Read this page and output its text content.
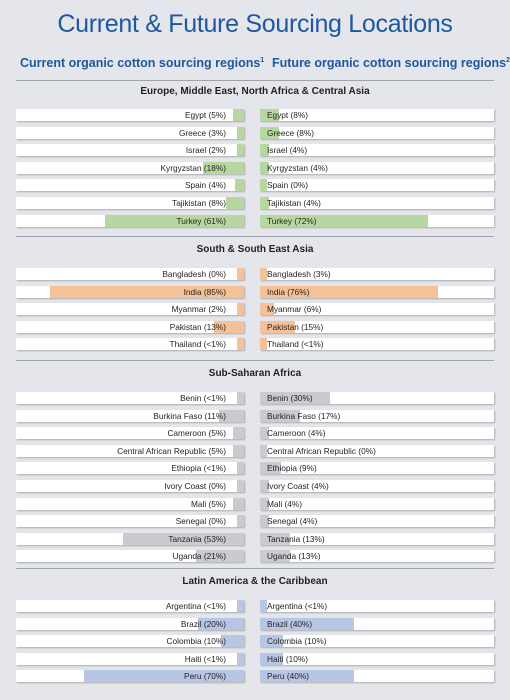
Current & Future Sourcing Locations
Current organic cotton sourcing regions$^1$ Future organic cotton sourcing regions$^2$
Europe, Middle East, North Africa & Central Asia
Egypt (5%)	Egypt (8%)
Greece (3%)	Greece (8%)
Israel (2%)	Israel (4%)
Kyrgyzstan (18%)	Kyrgyzstan (4%)
Spain (4%)	Spain (0%)
Tajikistan (8%)	Tajikistan (4%)
Turkey (61%)	Turkey (72%)
South & South East Asia
Bangladesh (0%)	Bangladesh (3%)
India (85%)	India (76%)
Myanmar (2%)	Myanmar (6%)
Pakistan (13%)	Pakistan (15%)
Thailand (<1%)	Thailand (<1%)
Sub-Saharan Africa
Benin (<1%)	Benin (30%)
Burkina Faso (11%)	Burkina Faso (17%)
Cameroon (5%)	Cameroon (4%)
Central African Republic (5%)	Central African Republic (0%)
Ethiopia (<1%)	Ethiopia (9%)
Ivory Coast (0%)	Ivory Coast (4%)
Mali (5%)	Mali (4%)
Senegal (0%)	Senegal (4%)
Tanzania (53%)	Tanzania (13%)
Uganda (21%)	Uganda (13%)
Latin America & the Caribbean
Argentina (<1%)	Argentina (<1%)
Brazil (20%)	Brazil (40%)
Colombia (10%)	Colombia (10%)
Haiti (<1%)	Haiti (10%)
Peru (70%)	Peru (40%)
